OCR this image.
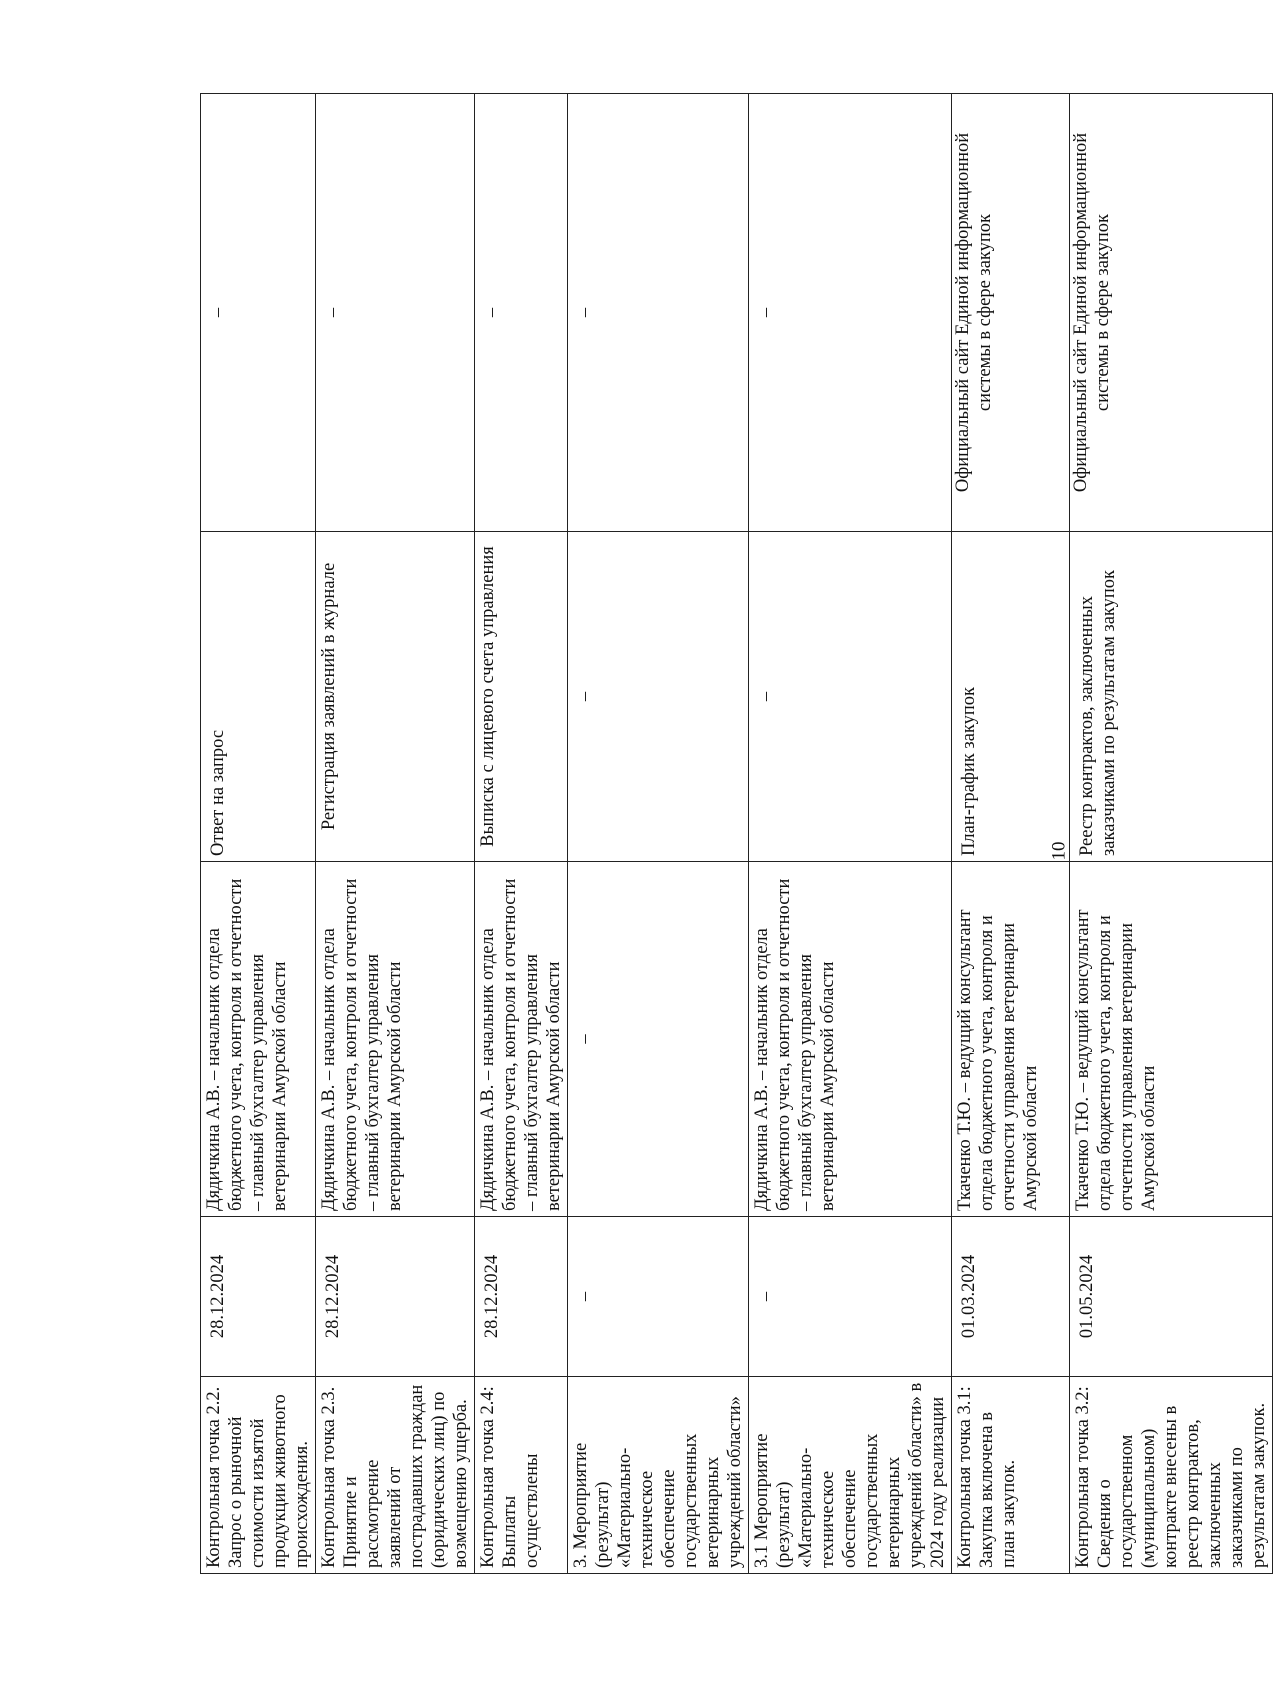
Контрольная точка 2.2. Запрос о рыночной стоимости изъятой продукции животного происхождения.	28.12.2024	Дядичкина А.В. – начальник отдела бюджетного учета, контроля и отчетности – главный бухгалтер управления ветеринарии Амурской области	Ответ на запрос	–
Контрольная точка 2.3. Принятие и рассмотрение заявлений от пострадавших граждан (юридических лиц) по возмещению ущерба.	28.12.2024	Дядичкина А.В. – начальник отдела бюджетного учета, контроля и отчетности – главный бухгалтер управления ветеринарии Амурской области	Регистрация заявлений в журнале	–
Контрольная точка 2.4: Выплаты осуществлены	28.12.2024	Дядичкина А.В. – начальник отдела бюджетного учета, контроля и отчетности – главный бухгалтер управления ветеринарии Амурской области	Выписка с лицевого счета управления	–
3. Мероприятие (результат) «Материально-техническое обеспечение государственных ветеринарных учреждений области»	–	–	–	–
3.1 Мероприятие (результат) «Материально-техническое обеспечение государственных ветеринарных учреждений области» в 2024 году реализации	–	Дядичкина А.В. – начальник отдела бюджетного учета, контроля и отчетности – главный бухгалтер управления ветеринарии Амурской области	–	–
Контрольная точка 3.1: Закупка включена в план закупок.	01.03.2024	Ткаченко Т.Ю. – ведущий консультант отдела бюджетного учета, контроля и отчетности управления ветеринарии Амурской области	План-график закупок	Официальный сайт Единой информационной системы в сфере закупок
Контрольная точка 3.2: Сведения о государственном (муниципальном) контракте внесены в реестр контрактов, заключенных заказчиками по результатам закупок.	01.05.2024	Ткаченко Т.Ю. – ведущий консультант отдела бюджетного учета, контроля и отчетности управления ветеринарии Амурской области	Реестр контрактов, заключенных заказчиками по результатам закупок	Официальный сайт Единой информационной системы в сфере закупок
10
